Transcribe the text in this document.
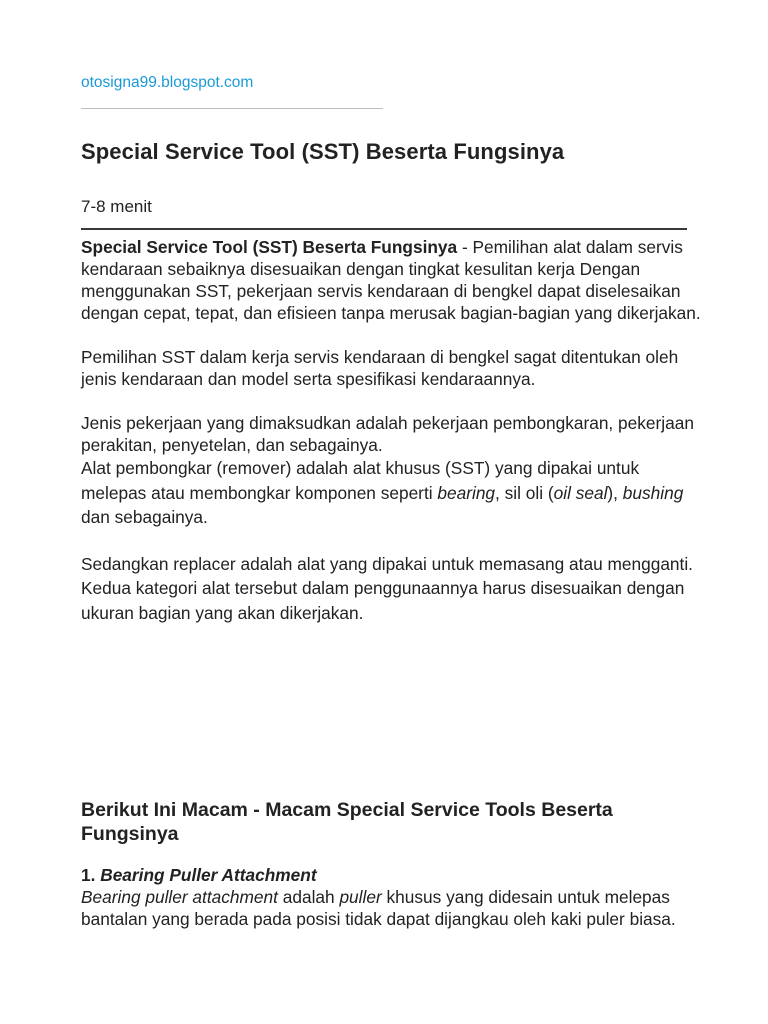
otosigna99.blogspot.com
Special Service Tool (SST) Beserta Fungsinya
7-8 menit

Special Service Tool (SST) Beserta Fungsinya - Pemilihan alat dalam servis kendaraan sebaiknya disesuaikan dengan tingkat kesulitan kerja Dengan menggunakan SST, pekerjaan servis kendaraan di bengkel dapat diselesaikan dengan cepat, tepat, dan efisieen tanpa merusak bagian-bagian yang dikerjakan.

Pemilihan SST dalam kerja servis kendaraan di bengkel sagat ditentukan oleh jenis kendaraan dan model serta spesifikasi kendaraannya.

Jenis pekerjaan yang dimaksudkan adalah pekerjaan pembongkaran, pekerjaan perakitan, penyetelan, dan sebagainya.

Alat pembongkar (remover) adalah alat khusus (SST) yang dipakai untuk melepas atau membongkar komponen seperti bearing, sil oli (oil seal), bushing dan sebagainya.

Sedangkan replacer adalah alat yang dipakai untuk memasang atau mengganti. Kedua kategori alat tersebut dalam penggunaannya harus disesuaikan dengan ukuran bagian yang akan dikerjakan.

Berikut Ini Macam - Macam Special Service Tools Beserta Fungsinya

1. Bearing Puller Attachment

Bearing puller attachment adalah puller khusus yang didesain untuk melepas bantalan yang berada pada posisi tidak dapat dijangkau oleh kaki puler biasa.
